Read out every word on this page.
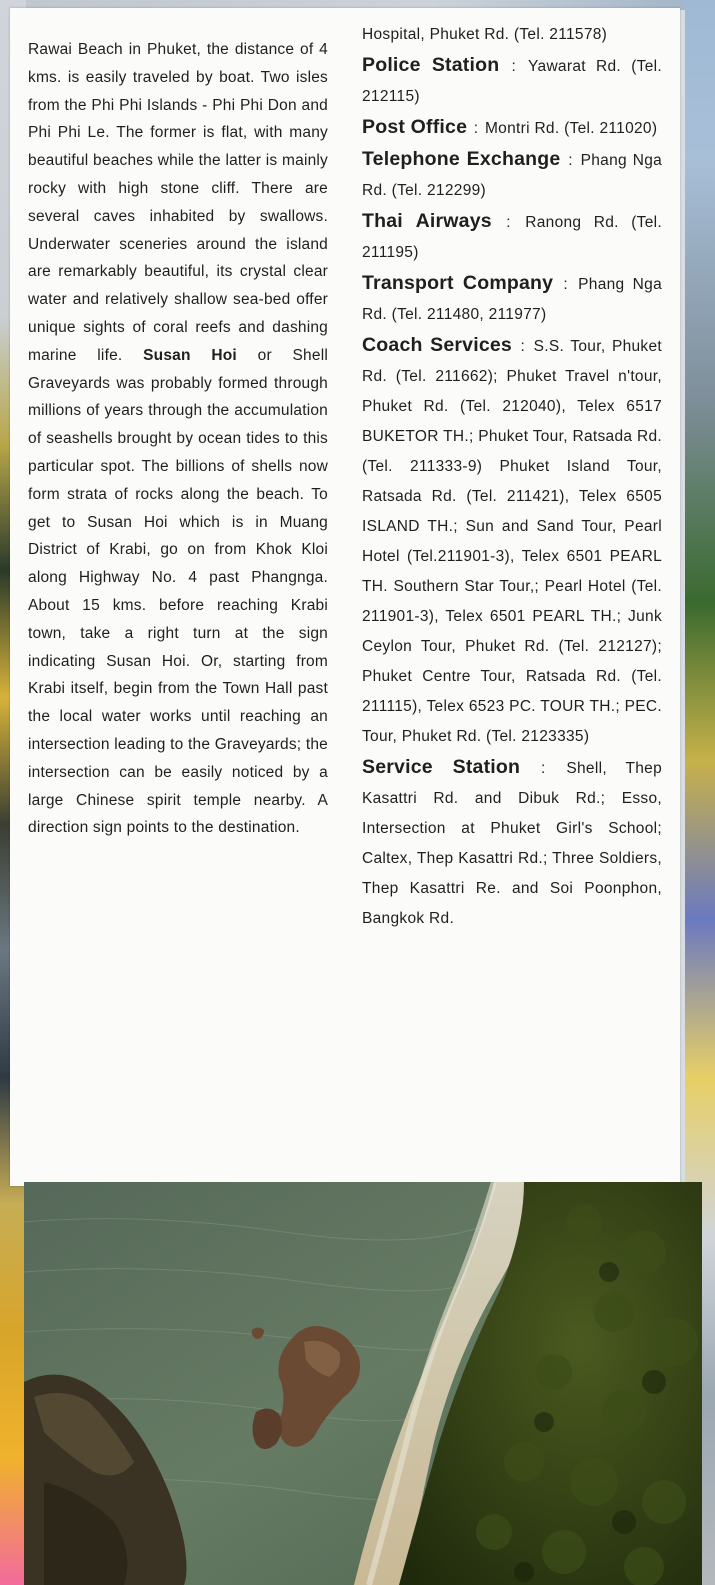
Rawai Beach in Phuket, the distance of 4 kms. is easily traveled by boat. Two isles from the Phi Phi Islands - Phi Phi Don and Phi Phi Le. The former is flat, with many beautiful beaches while the latter is mainly rocky with high stone cliff. There are several caves inhabited by swallows. Underwater sceneries around the island are remarkably beautiful, its crystal clear water and relatively shallow sea-bed offer unique sights of coral reefs and dashing marine life. Susan Hoi or Shell Graveyards was probably formed through millions of years through the accumulation of seashells brought by ocean tides to this particular spot. The billions of shells now form strata of rocks along the beach. To get to Susan Hoi which is in Muang District of Krabi, go on from Khok Kloi along Highway No. 4 past Phangnga. About 15 kms. before reaching Krabi town, take a right turn at the sign indicating Susan Hoi. Or, starting from Krabi itself, begin from the Town Hall past the local water works until reaching an intersection leading to the Graveyards; the intersection can be easily noticed by a large Chinese spirit temple nearby. A direction sign points to the destination.

Hospital, Phuket Rd. (Tel. 211578)

Police Station : Yawarat Rd. (Tel. 212115)

Post Office : Montri Rd. (Tel. 211020)

Telephone Exchange : Phang Nga Rd. (Tel. 212299)

Thai Airways : Ranong Rd. (Tel. 211195)

Transport Company : Phang Nga Rd. (Tel. 211480, 211977)

Coach Services : S.S. Tour, Phuket Rd. (Tel. 211662); Phuket Travel n'tour, Phuket Rd. (Tel. 212040), Telex 6517 BUKETOR TH.; Phuket Tour, Ratsada Rd. (Tel. 211333-9) Phuket Island Tour, Ratsada Rd. (Tel. 211421), Telex 6505 ISLAND TH.; Sun and Sand Tour, Pearl Hotel (Tel.211901-3), Telex 6501 PEARL TH. Southern Star Tour,; Pearl Hotel (Tel. 211901-3), Telex 6501 PEARL TH.; Junk Ceylon Tour, Phuket Rd. (Tel. 212127); Phuket Centre Tour, Ratsada Rd. (Tel. 211115), Telex 6523 PC. TOUR TH.; PEC. Tour, Phuket Rd. (Tel. 2123335)

Service Station : Shell, Thep Kasattri Rd. and Dibuk Rd.; Esso, Intersection at Phuket Girl's School; Caltex, Thep Kasattri Rd.; Three Soldiers, Thep Kasattri Re. and Soi Poonphon, Bangkok Rd.
